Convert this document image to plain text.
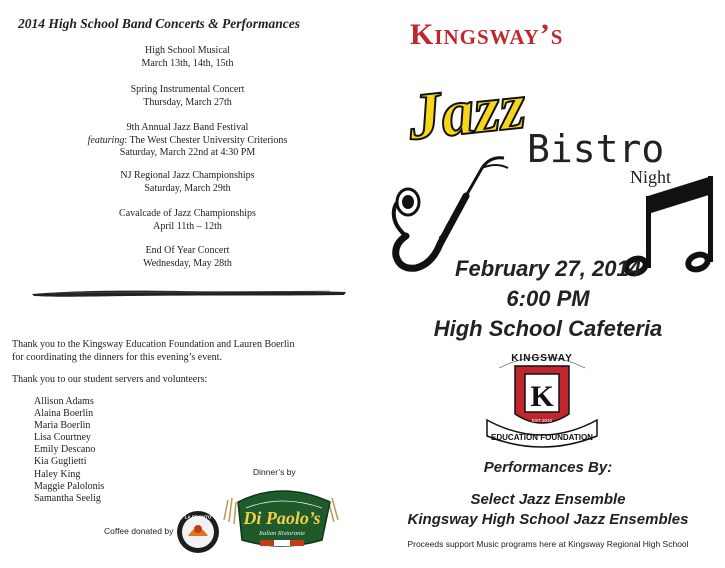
2014 High School Band Concerts & Performances
High School Musical
March 13th, 14th, 15th
Spring Instrumental Concert
Thursday, March 27th
9th Annual Jazz Band Festival
featuring: The West Chester University Criterions
Saturday, March 22nd at 4:30 PM
NJ Regional Jazz Championships
Saturday, March 29th
Cavalcade of Jazz Championships
April 11th – 12th
End Of Year Concert
Wednesday, May 28th
Thank you to the Kingsway Education Foundation and Lauren Boerlin
for coordinating the dinners for this evening’s event.
Thank you to our student servers and volunteers:
Allison Adams
Alaina Boerlin
Maria Boerlin
Lisa Courtney
Emily Descano
Kia Guglietti
Haley King
Maggie Palolonis
Samantha Seelig
Coffee donated by
LA PRONTO Di Paolo’s
Italian Ristorante
Dinner’s by
Kingsway’s
Jazz
Bistro
Night
February 27, 2014
6:00 PM
High School Cafeteria
KINGSWAY
K
EST 2010
EDUCATION FOUNDATION
Performances By:
Select Jazz Ensemble
Kingsway High School Jazz Ensembles
Proceeds support Music programs here at Kingsway Regional High School
